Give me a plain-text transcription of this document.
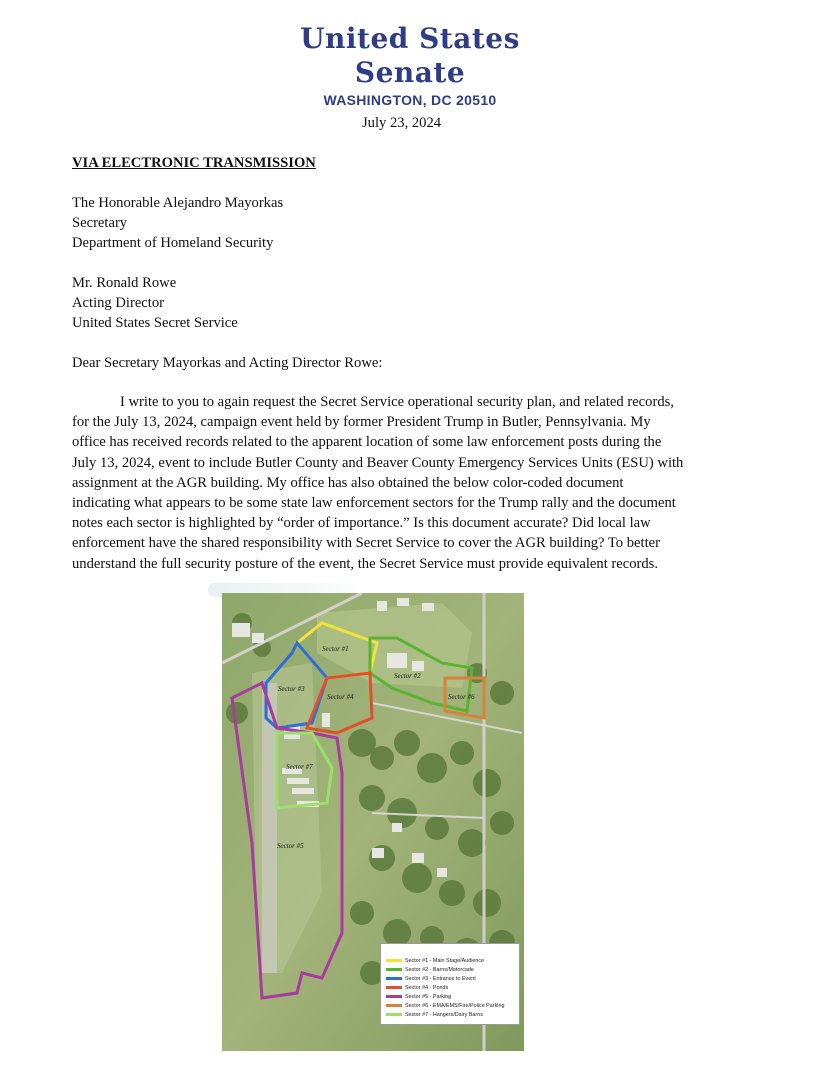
United States Senate
WASHINGTON, DC 20510
July 23, 2024
VIA ELECTRONIC TRANSMISSION
The Honorable Alejandro Mayorkas
Secretary
Department of Homeland Security
Mr. Ronald Rowe
Acting Director
United States Secret Service
Dear Secretary Mayorkas and Acting Director Rowe:
I write to you to again request the Secret Service operational security plan, and related records,
for the July 13, 2024, campaign event held by former President Trump in Butler, Pennsylvania. My
office has received records related to the apparent location of some law enforcement posts during the
July 13, 2024, event to include Butler County and Beaver County Emergency Services Units (ESU) with
assignment at the AGR building. My office has also obtained the below color-coded document
indicating what appears to be some state law enforcement sectors for the Trump rally and the document
notes each sector is highlighted by “order of importance.” Is this document accurate? Did local law
enforcement have the shared responsibility with Secret Service to cover the AGR building? To better
understand the full security posture of the event, the Secret Service must provide equivalent records.
Sector #1
Sector #2
Sector #3
Sector #4
Sector #5
Sector #6
Sector #7
Sector #1 - Main Stage/Audience
Sector #2 - Barns/Motorcade
Sector #3 - Entrance to Event
Sector #4 - Ponds
Sector #5 - Parking
Sector #6 - EMA/EMS/Fire/Police Parking
Sector #7 - Hangers/Dairy Barns
